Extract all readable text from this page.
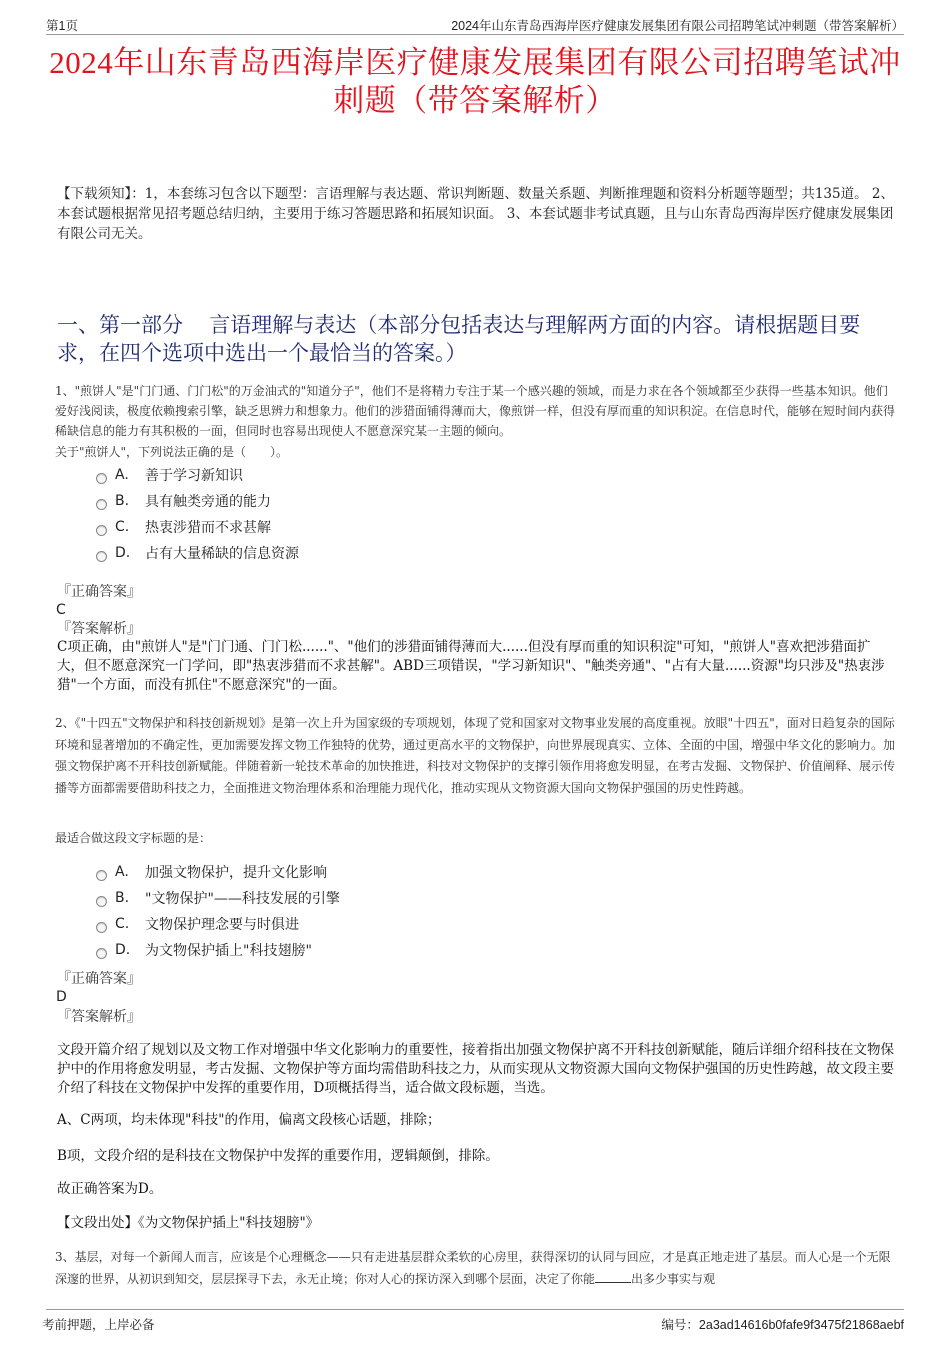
第1页	2024年山东青岛西海岸医疗健康发展集团有限公司招聘笔试冲刺题（带答案解析）
2024年山东青岛西海岸医疗健康发展集团有限公司招聘笔试冲
刺题（带答案解析）
【下载须知】：1，本套练习包含以下题型：言语理解与表达题、常识判断题、数量关系题、判断推理题和资料分析题等题型；共135道。 2、本套试题根据常见招考题总结归纳，主要用于练习答题思路和拓展知识面。 3、本套试题非考试真题，且与山东青岛西海岸医疗健康发展集团有限公司无关。
一、第一部分　 言语理解与表达（本部分包括表达与理解两方面的内容。请根据题目要求，在四个选项中选出一个最恰当的答案。）
1、"煎饼人"是"门门通、门门松"的万金油式的"知道分子"，他们不是将精力专注于某一个感兴趣的领域，而是力求在各个领域都至少获得一些基本知识。他们爱好浅阅读，极度依赖搜索引擎，缺乏思辨力和想象力。他们的涉猎面铺得薄而大，像煎饼一样，但没有厚而重的知识积淀。在信息时代，能够在短时间内获得稀缺信息的能力有其积极的一面，但同时也容易出现使人不愿意深究某一主题的倾向。
关于"煎饼人"，下列说法正确的是（　　）。
A.	善于学习新知识
B.	具有触类旁通的能力
C.	热衷涉猎而不求甚解
D.	占有大量稀缺的信息资源
『正确答案』
C
『答案解析』
C项正确，由"煎饼人"是"门门通、门门松......"、"他们的涉猎面铺得薄而大......但没有厚而重的知识积淀"可知，"煎饼人"喜欢把涉猎面扩大，但不愿意深究一门学问，即"热衷涉猎而不求甚解"。ABD三项错误，"学习新知识"、"触类旁通"、"占有大量......资源"均只涉及"热衷涉猎"一个方面，而没有抓住"不愿意深究"的一面。
2、《"十四五"文物保护和科技创新规划》是第一次上升为国家级的专项规划，体现了党和国家对文物事业发展的高度重视。放眼"十四五"，面对日趋复杂的国际环境和显著增加的不确定性，更加需要发挥文物工作独特的优势，通过更高水平的文物保护，向世界展现真实、立体、全面的中国，增强中华文化的影响力。加强文物保护离不开科技创新赋能。伴随着新一轮技术革命的加快推进，科技对文物保护的支撑引领作用将愈发明显，在考古发掘、文物保护、价值阐释、展示传播等方面都需要借助科技之力，全面推进文物治理体系和治理能力现代化，推动实现从文物资源大国向文物保护强国的历史性跨越。
最适合做这段文字标题的是：
A.	加强文物保护，提升文化影响
B.	"文物保护"——科技发展的引擎
C.	文物保护理念要与时俱进
D.	为文物保护插上"科技翅膀"
『正确答案』
D
『答案解析』
文段开篇介绍了规划以及文物工作对增强中华文化影响力的重要性，接着指出加强文物保护离不开科技创新赋能，随后详细介绍科技在文物保护中的作用将愈发明显，考古发掘、文物保护等方面均需借助科技之力，从而实现从文物资源大国向文物保护强国的历史性跨越，故文段主要介绍了科技在文物保护中发挥的重要作用，D项概括得当，适合做文段标题，当选。
A、C两项，均未体现"科技"的作用，偏离文段核心话题，排除；
B项，文段介绍的是科技在文物保护中发挥的重要作用，逻辑颠倒，排除。
故正确答案为D。
【文段出处】《为文物保护插上"科技翅膀"》
3、基层，对每一个新闻人而言，应该是个心理概念——只有走进基层群众柔软的心房里，获得深切的认同与回应，才是真正地走进了基层。而人心是一个无限深邃的世界，从初识到知交，层层探寻下去，永无止境；你对人心的探访深入到哪个层面，决定了你能	出多少事实与观
考前押题，上岸必备	编号：2a3ad14616b0fafe9f3475f21868aebf
